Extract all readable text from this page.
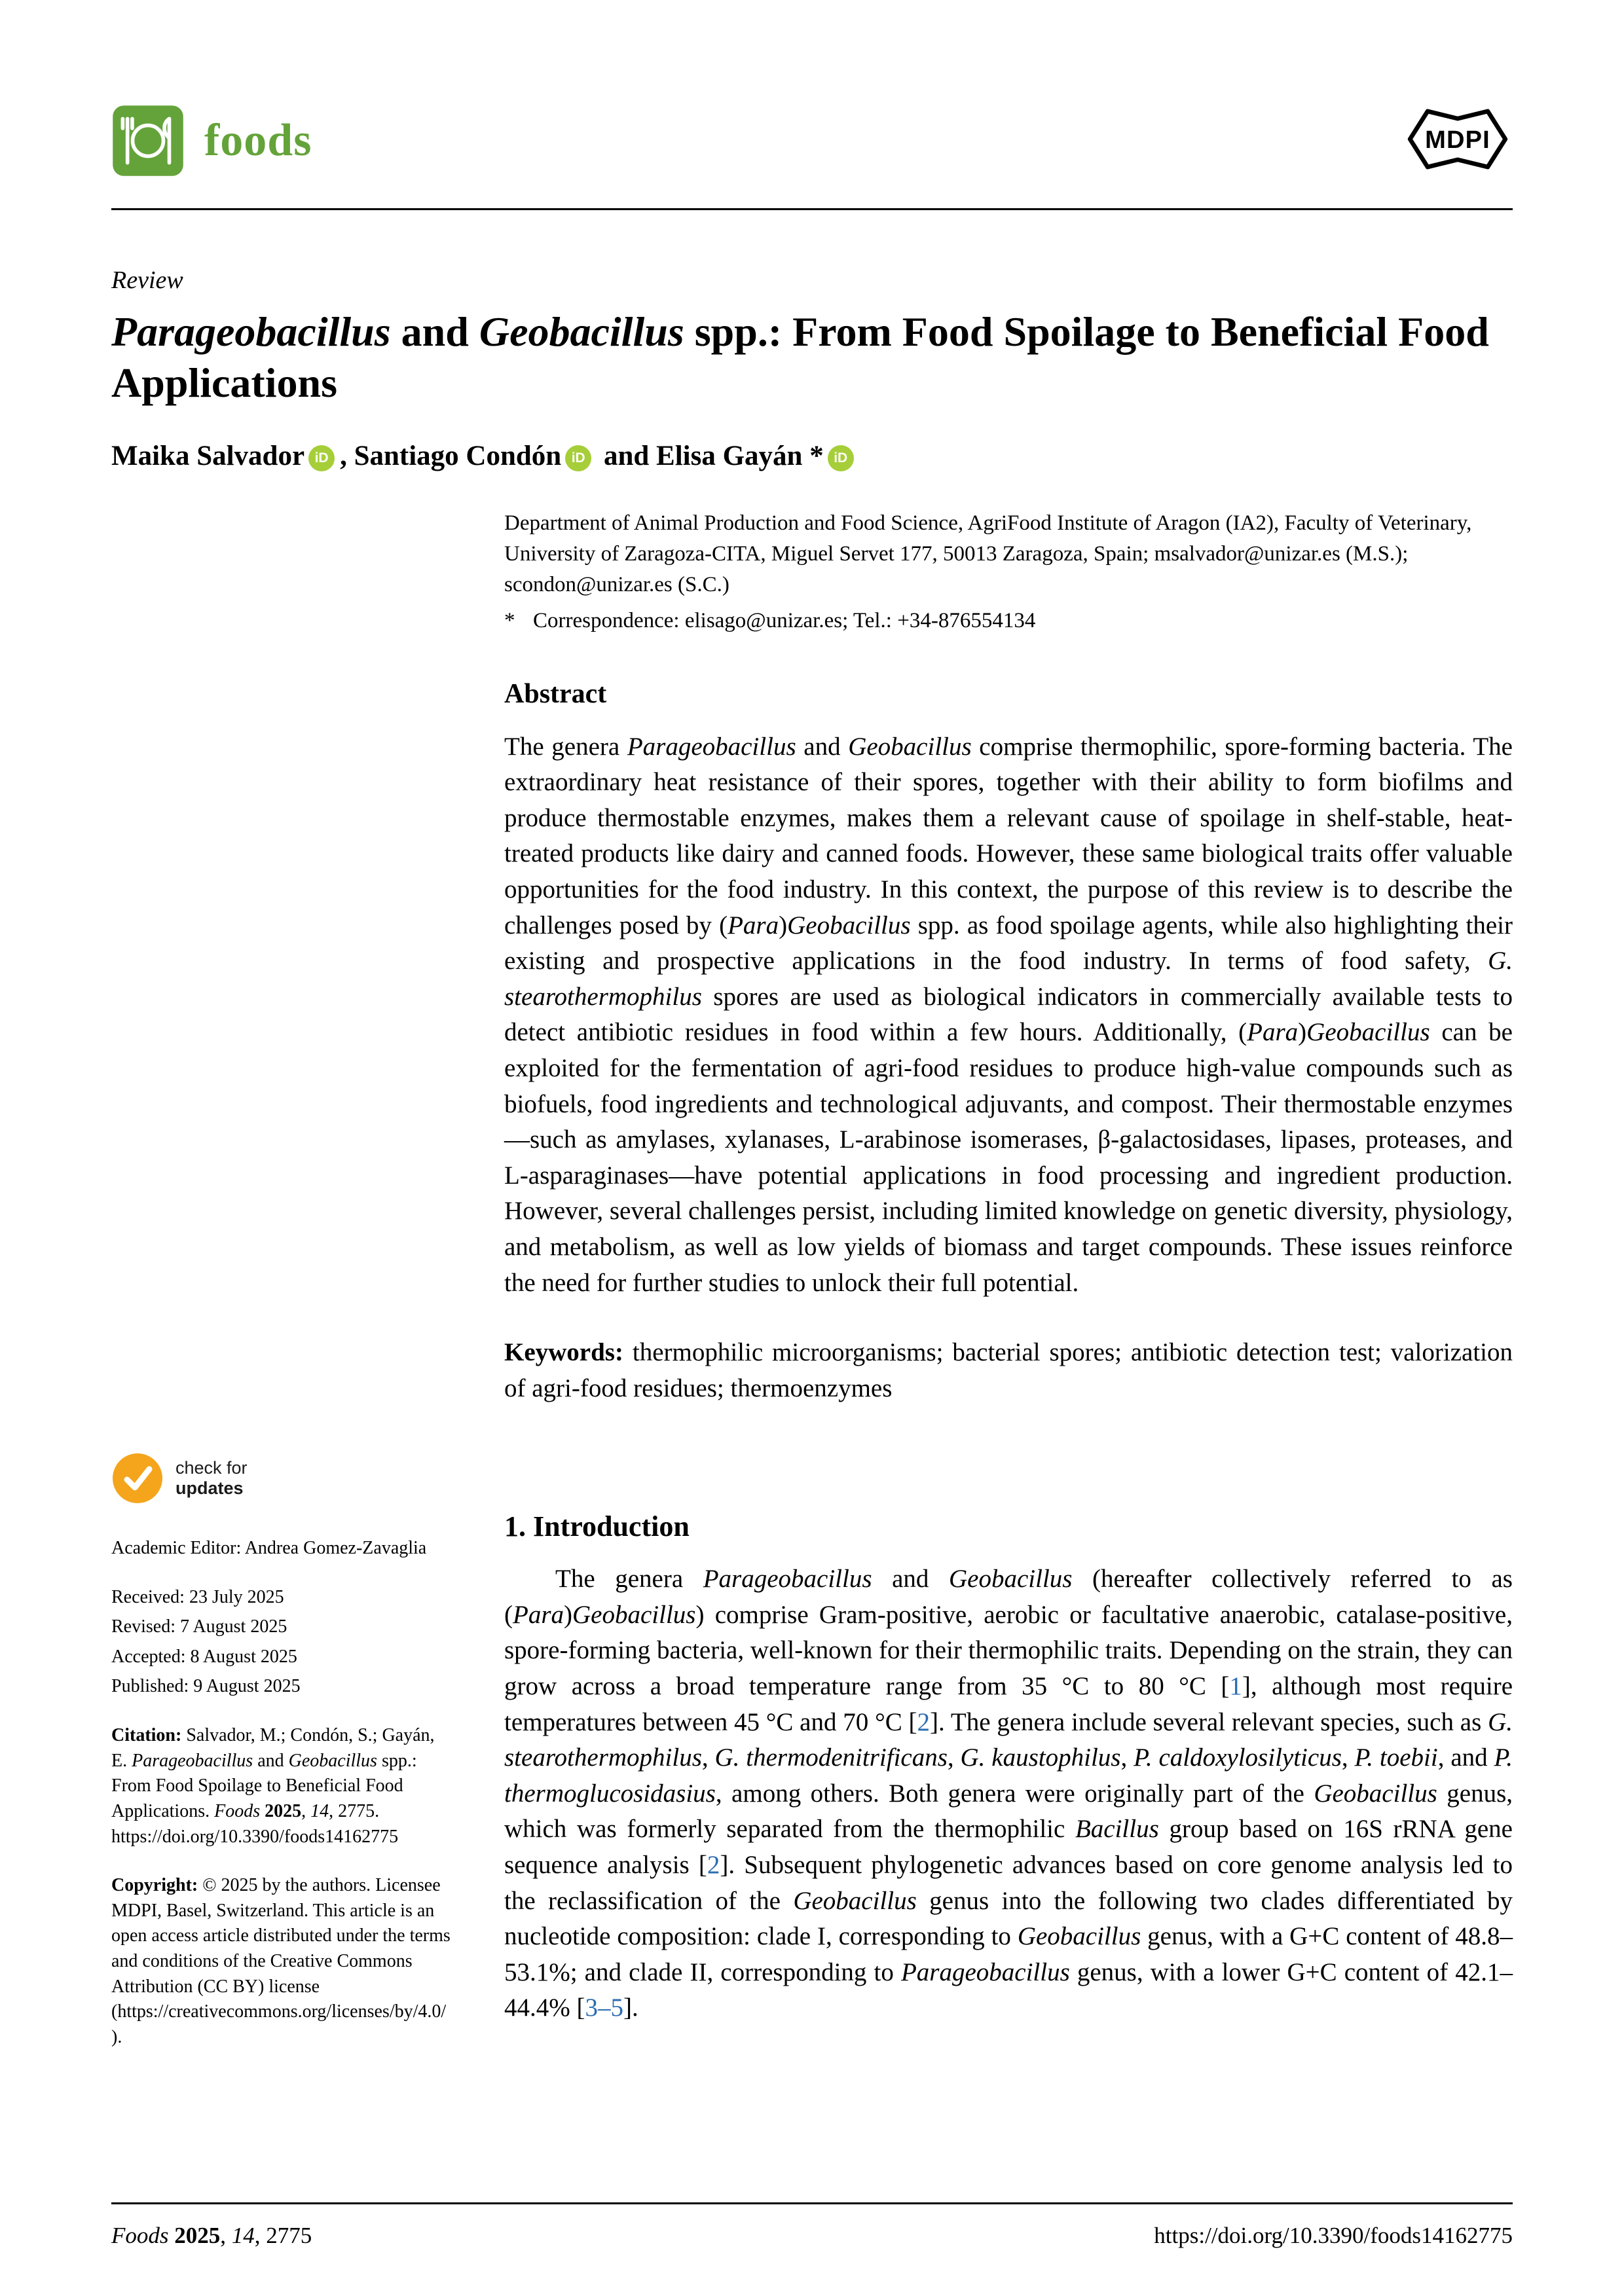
foods	MDPI
Review
Parageobacillus and Geobacillus spp.: From Food Spoilage to Beneficial Food Applications
Maika Salvador iD , Santiago Condón iD and Elisa Gayán * iD

Department of Animal Production and Food Science, AgriFood Institute of Aragon (IA2), Faculty of Veterinary, University of Zaragoza-CITA, Miguel Servet 177, 50013 Zaragoza, Spain; msalvador@unizar.es (M.S.); scondon@unizar.es (S.C.)

* Correspondence: elisago@unizar.es; Tel.: +34-876554134
Abstract

The genera Parageobacillus and Geobacillus comprise thermophilic, spore-forming bacteria. The extraordinary heat resistance of their spores, together with their ability to form biofilms and produce thermostable enzymes, makes them a relevant cause of spoilage in shelf-stable, heat-treated products like dairy and canned foods. However, these same biological traits offer valuable opportunities for the food industry. In this context, the purpose of this review is to describe the challenges posed by (Para)Geobacillus spp. as food spoilage agents, while also highlighting their existing and prospective applications in the food industry. In terms of food safety, G. stearothermophilus spores are used as biological indicators in commercially available tests to detect antibiotic residues in food within a few hours. Additionally, (Para)Geobacillus can be exploited for the fermentation of agri-food residues to produce high-value compounds such as biofuels, food ingredients and technological adjuvants, and compost. Their thermostable enzymes—such as amylases, xylanases, L-arabinose isomerases, β-galactosidases, lipases, proteases, and L-asparaginases—have potential applications in food processing and ingredient production. However, several challenges persist, including limited knowledge on genetic diversity, physiology, and metabolism, as well as low yields of biomass and target compounds. These issues reinforce the need for further studies to unlock their full potential.

Keywords: thermophilic microorganisms; bacterial spores; antibiotic detection test; valorization of agri-food residues; thermoenzymes

check for
updates

Academic Editor: Andrea Gomez-Zavaglia

Received: 23 July 2025
Revised: 7 August 2025
Accepted: 8 August 2025
Published: 9 August 2025

Citation: Salvador, M.; Condón, S.; Gayán, E. Parageobacillus and Geobacillus spp.: From Food Spoilage to Beneficial Food Applications. Foods 2025, 14, 2775. https://doi.org/10.3390/foods14162775

Copyright: © 2025 by the authors. Licensee MDPI, Basel, Switzerland. This article is an open access article distributed under the terms and conditions of the Creative Commons Attribution (CC BY) license (https://creativecommons.org/licenses/by/4.0/).

1. Introduction

The genera Parageobacillus and Geobacillus (hereafter collectively referred to as (Para)Geobacillus) comprise Gram-positive, aerobic or facultative anaerobic, catalase-positive, spore-forming bacteria, well-known for their thermophilic traits. Depending on the strain, they can grow across a broad temperature range from 35 °C to 80 °C [1], although most require temperatures between 45 °C and 70 °C [2]. The genera include several relevant species, such as G. stearothermophilus, G. thermodenitrificans, G. kaustophilus, P. caldoxylosilyticus, P. toebii, and P. thermoglucosidasius, among others. Both genera were originally part of the Geobacillus genus, which was formerly separated from the thermophilic Bacillus group based on 16S rRNA gene sequence analysis [2]. Subsequent phylogenetic advances based on core genome analysis led to the reclassification of the Geobacillus genus into the following two clades differentiated by nucleotide composition: clade I, corresponding to Geobacillus genus, with a G+C content of 48.8–53.1%; and clade II, corresponding to Parageobacillus genus, with a lower G+C content of 42.1–44.4% [3–5].

Foods 2025, 14, 2775	https://doi.org/10.3390/foods14162775
